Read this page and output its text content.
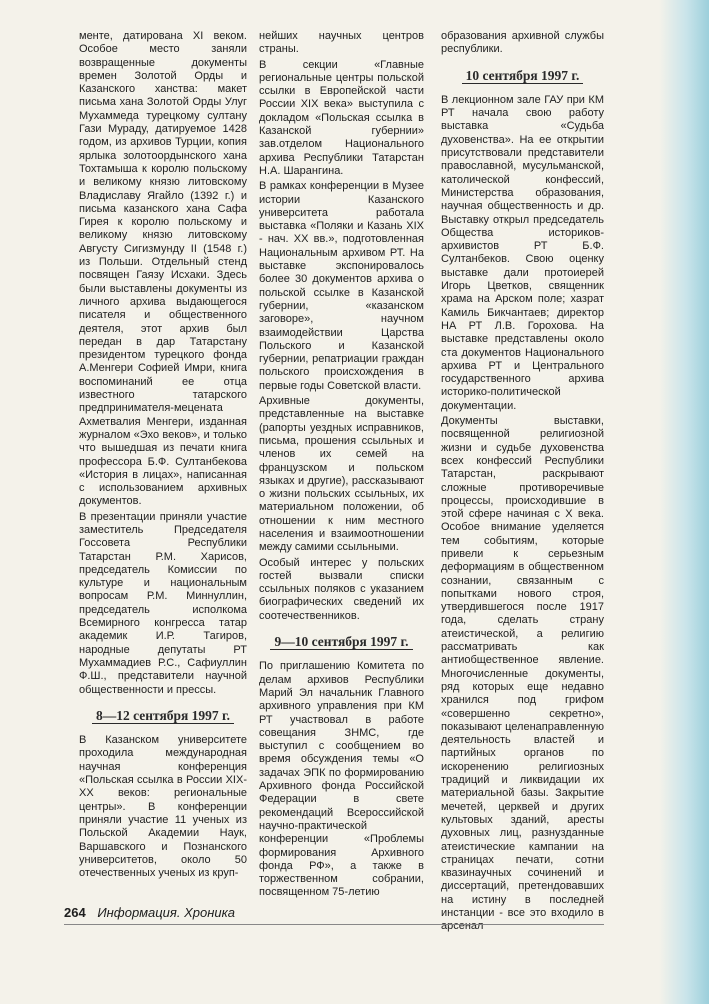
менте, датирована XI веком. Особое место заняли возвращенные документы времен Золотой Орды и Казанского ханства: макет письма хана Золотой Орды Улуг Мухаммеда турецкому султану Гази Мураду, датируемое 1428 годом, из архивов Турции, копия ярлыка золотоордынского хана Тохтамыша к королю польскому и великому князю литовскому Владиславу Ягайло (1392 г.) и письма казанского хана Сафа Гирея к королю польскому и великому князю литовскому Августу Сигизмунду II (1548 г.) из Польши. Отдельный стенд посвящен Гаязу Исхаки. Здесь были выставлены документы из личного архива выдающегося писателя и общественного деятеля, этот архив был передан в дар Татарстану президентом турецкого фонда А.Менгери Софией Имри, книга воспоминаний ее отца известного татарского предпринимателя-мецената Ахметвалия Менгери, изданная журналом «Эхо веков», и только что вышедшая из печати книга профессора Б.Ф. Султанбекова «История в лицах», написанная с использованием архивных документов.

В презентации приняли участие заместитель Председателя Госсовета Республики Татарстан Р.М. Харисов, председатель Комиссии по культуре и национальным вопросам Р.М. Миннуллин, председатель исполкома Всемирного конгресса татар академик И.Р. Тагиров, народные депутаты РТ Мухаммадиев Р.С., Сафиуллин Ф.Ш., представители научной общественности и прессы.

8—12 сентября 1997 г.

В Казанском университете проходила международная научная конференция «Польская ссылка в России XIX-XX веков: региональные центры». В конференции приняли участие 11 ученых из Польской Академии Наук, Варшавского и Познанского университетов, около 50 отечественных ученых из круп-

нейших научных центров страны.

В секции «Главные региональные центры польской ссылки в Европейской части России XIX века» выступила с докладом «Польская ссылка в Казанской губернии» зав.отделом Национального архива Республики Татарстан Н.А. Шарангина.

В рамках конференции в Музее истории Казанского университета работала выставка «Поляки и Казань XIX - нач. XX вв.», подготовленная Национальным архивом РТ. На выставке экспонировалось более 30 документов архива о польской ссылке в Казанской губернии, «казанском заговоре», научном взаимодействии Царства Польского и Казанской губернии, репатриации граждан польского происхождения в первые годы Советской власти.

Архивные документы, представленные на выставке (рапорты уездных исправников, письма, прошения ссыльных и членов их семей на французском и польском языках и другие), рассказывают о жизни польских ссыльных, их материальном положении, об отношении к ним местного населения и взаимоотношении между самими ссыльными.

Особый интерес у польских гостей вызвали списки ссыльных поляков с указанием биографических сведений их соотечественников.

9—10 сентября 1997 г.

По приглашению Комитета по делам архивов Республики Марий Эл начальник Главного архивного управления при КМ РТ участвовал в работе совещания ЗНМС, где выступил с сообщением во время обсуждения темы «О задачах ЭПК по формированию Архивного фонда Российской Федерации в свете рекомендаций Всероссийской научно-практической конференции «Проблемы формирования Архивного фонда РФ», а также в торжественном собрании, посвященном 75-летию

образования архивной службы республики.

10 сентября 1997 г.

В лекционном зале ГАУ при КМ РТ начала свою работу выставка «Судьба духовенства». На ее открытии присутствовали представители православной, мусульманской, католической конфессий, Министерства образования, научная общественность и др. Выставку открыл председатель Общества историков-архивистов РТ Б.Ф. Султанбеков. Свою оценку выставке дали протоиерей Игорь Цветков, священник храма на Арском поле; хазрат Камиль Бикчантаев; директор НА РТ Л.В. Горохова. На выставке представлены около ста документов Национального архива РТ и Центрального государственного архива историко-политической документации.

Документы выставки, посвященной религиозной жизни и судьбе духовенства всех конфессий Республики Татарстан, раскрывают сложные противоречивые процессы, происходившие в этой сфере начиная с Х века. Особое внимание уделяется тем событиям, которые привели к серьезным деформациям в общественном сознании, связанным с попытками нового строя, утвердившегося после 1917 года, сделать страну атеистической, а религию рассматривать как антиобщественное явление. Многочисленные документы, ряд которых еще недавно хранился под грифом «совершенно секретно», показывают целенаправленную деятельность властей и партийных органов по искоренению религиозных традиций и ликвидации их материальной базы. Закрытие мечетей, церквей и других культовых зданий, аресты духовных лиц, разнузданные атеистические кампании на страницах печати, сотни квазинаучных сочинений и диссертаций, претендовавших на истину в последней инстанции - все это входило в арсенал

264 Информация. Хроника
